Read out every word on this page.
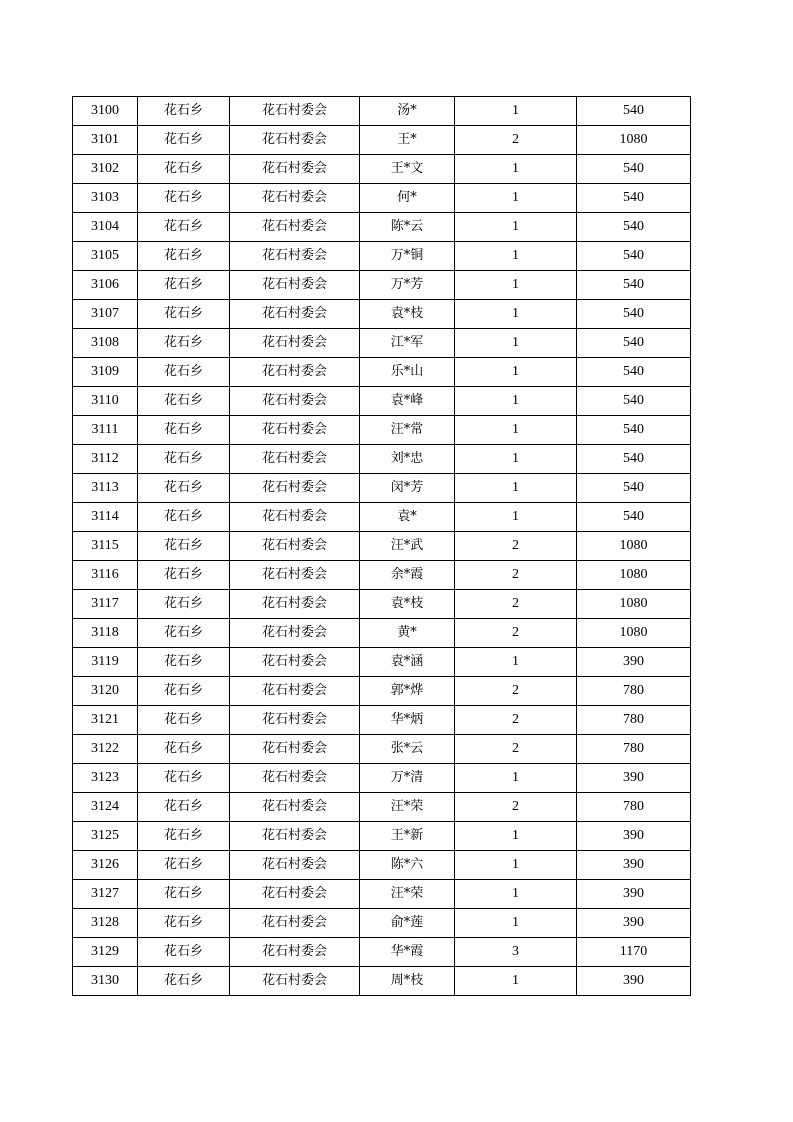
3100	花石乡	花石村委会	汤*	1	540
3101	花石乡	花石村委会	王*	2	1080
3102	花石乡	花石村委会	王*文	1	540
3103	花石乡	花石村委会	何*	1	540
3104	花石乡	花石村委会	陈*云	1	540
3105	花石乡	花石村委会	万*铜	1	540
3106	花石乡	花石村委会	万*芳	1	540
3107	花石乡	花石村委会	袁*枝	1	540
3108	花石乡	花石村委会	江*军	1	540
3109	花石乡	花石村委会	乐*山	1	540
3110	花石乡	花石村委会	袁*峰	1	540
3111	花石乡	花石村委会	汪*常	1	540
3112	花石乡	花石村委会	刘*忠	1	540
3113	花石乡	花石村委会	闵*芳	1	540
3114	花石乡	花石村委会	袁*	1	540
3115	花石乡	花石村委会	汪*武	2	1080
3116	花石乡	花石村委会	余*霞	2	1080
3117	花石乡	花石村委会	袁*枝	2	1080
3118	花石乡	花石村委会	黄*	2	1080
3119	花石乡	花石村委会	袁*涵	1	390
3120	花石乡	花石村委会	郭*烨	2	780
3121	花石乡	花石村委会	华*炳	2	780
3122	花石乡	花石村委会	张*云	2	780
3123	花石乡	花石村委会	万*清	1	390
3124	花石乡	花石村委会	汪*荣	2	780
3125	花石乡	花石村委会	王*新	1	390
3126	花石乡	花石村委会	陈*六	1	390
3127	花石乡	花石村委会	汪*荣	1	390
3128	花石乡	花石村委会	俞*莲	1	390
3129	花石乡	花石村委会	华*霞	3	1170
3130	花石乡	花石村委会	周*枝	1	390
